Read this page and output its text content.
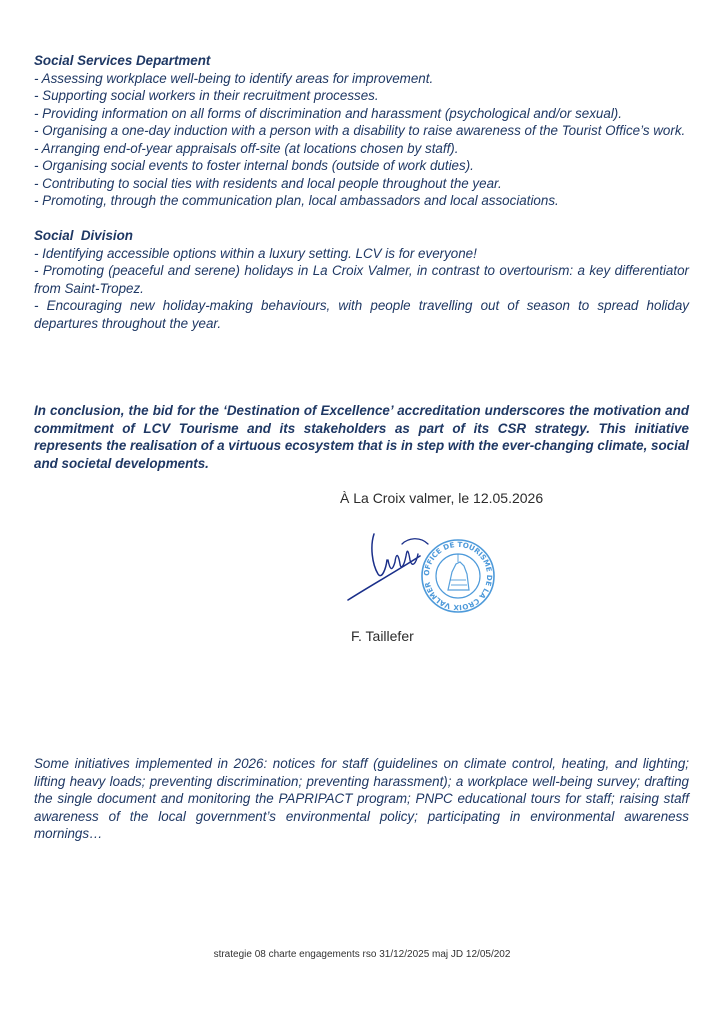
Social Services Department

- Assessing workplace well-being to identify areas for improvement.

- Supporting social workers in their recruitment processes.

- Providing information on all forms of discrimination and harassment (psychological and/or sexual).

- Organising a one-day induction with a person with a disability to raise awareness of the Tourist Office’s work.

- Arranging end-of-year appraisals off-site (at locations chosen by staff).

- Organising social events to foster internal bonds (outside of work duties).

- Contributing to social ties with residents and local people throughout the year.

- Promoting, through the communication plan, local ambassadors and local associations.

Social  Division

- Identifying accessible options within a luxury setting. LCV is for everyone!

- Promoting (peaceful and serene) holidays in La Croix Valmer, in contrast to overtourism: a key differentiator from Saint-Tropez.

- Encouraging new holiday-making behaviours, with people travelling out of season to spread holiday departures throughout the year.

In conclusion, the bid for the ‘Destination of Excellence’ accreditation underscores the motivation and commitment of LCV Tourisme and its stakeholders as part of its CSR strategy. This initiative represents the realisation of a virtuous ecosystem that is in step with the ever-changing climate, social and societal developments.

À La Croix valmer, le 12.05.2026

OFFICE DE TOURISME DE LA CROIX VALMER

F. Taillefer

Some initiatives implemented in 2026: notices for staff (guidelines on climate control, heating, and lighting; lifting heavy loads; preventing discrimination; preventing harassment); a workplace well-being survey; drafting the single document and monitoring the PAPRIPACT program; PNPC educational tours for staff; raising staff awareness of the local government’s environmental policy; participating in environmental awareness mornings…

strategie 08 charte engagements rso 31/12/2025 maj JD 12/05/202
